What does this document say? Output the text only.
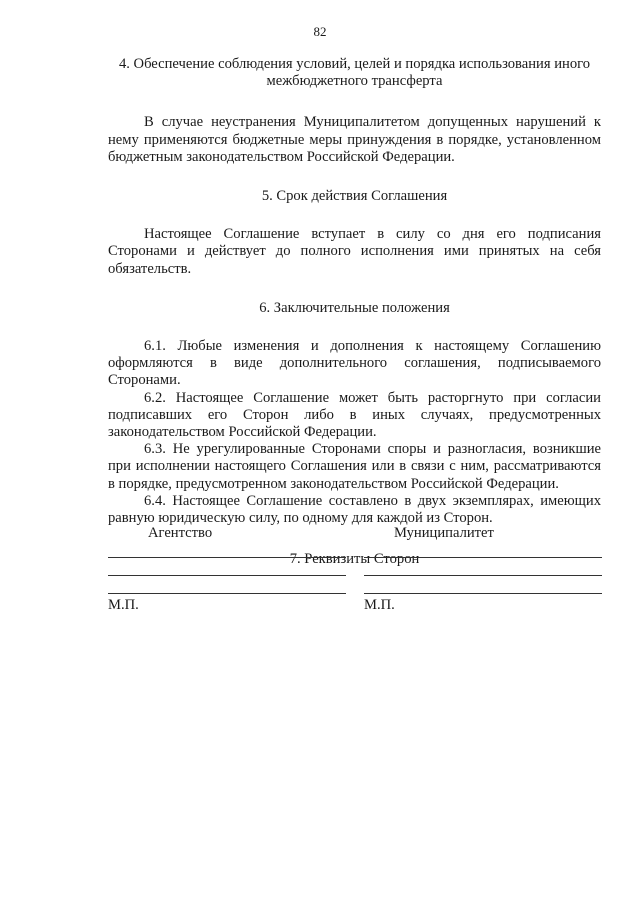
82

4. Обеспечение соблюдения условий, целей и порядка использования иного межбюджетного трансферта

В случае неустранения Муниципалитетом допущенных нарушений к нему применяются бюджетные меры принуждения в порядке, установленном бюджетным законодательством Российской Федерации.

5. Срок действия Соглашения

Настоящее Соглашение вступает в силу со дня его подписания Сторонами и действует до полного исполнения ими принятых на себя обязательств.

6. Заключительные положения

6.1. Любые изменения и дополнения к настоящему Соглашению оформляются в виде дополнительного соглашения, подписываемого Сторонами.

6.2. Настоящее Соглашение может быть расторгнуто при согласии подписавших его Сторон либо в иных случаях, предусмотренных законодательством Российской Федерации.

6.3. Не урегулированные Сторонами споры и разногласия, возникшие при исполнении настоящего Соглашения или в связи с ним, рассматриваются в порядке, предусмотренном законодательством Российской Федерации.

6.4. Настоящее Соглашение составлено в двух экземплярах, имеющих равную юридическую силу, по одному для каждой из Сторон.

7. Реквизиты Сторон

Агентство
М.П.
Муниципалитет
М.П.
